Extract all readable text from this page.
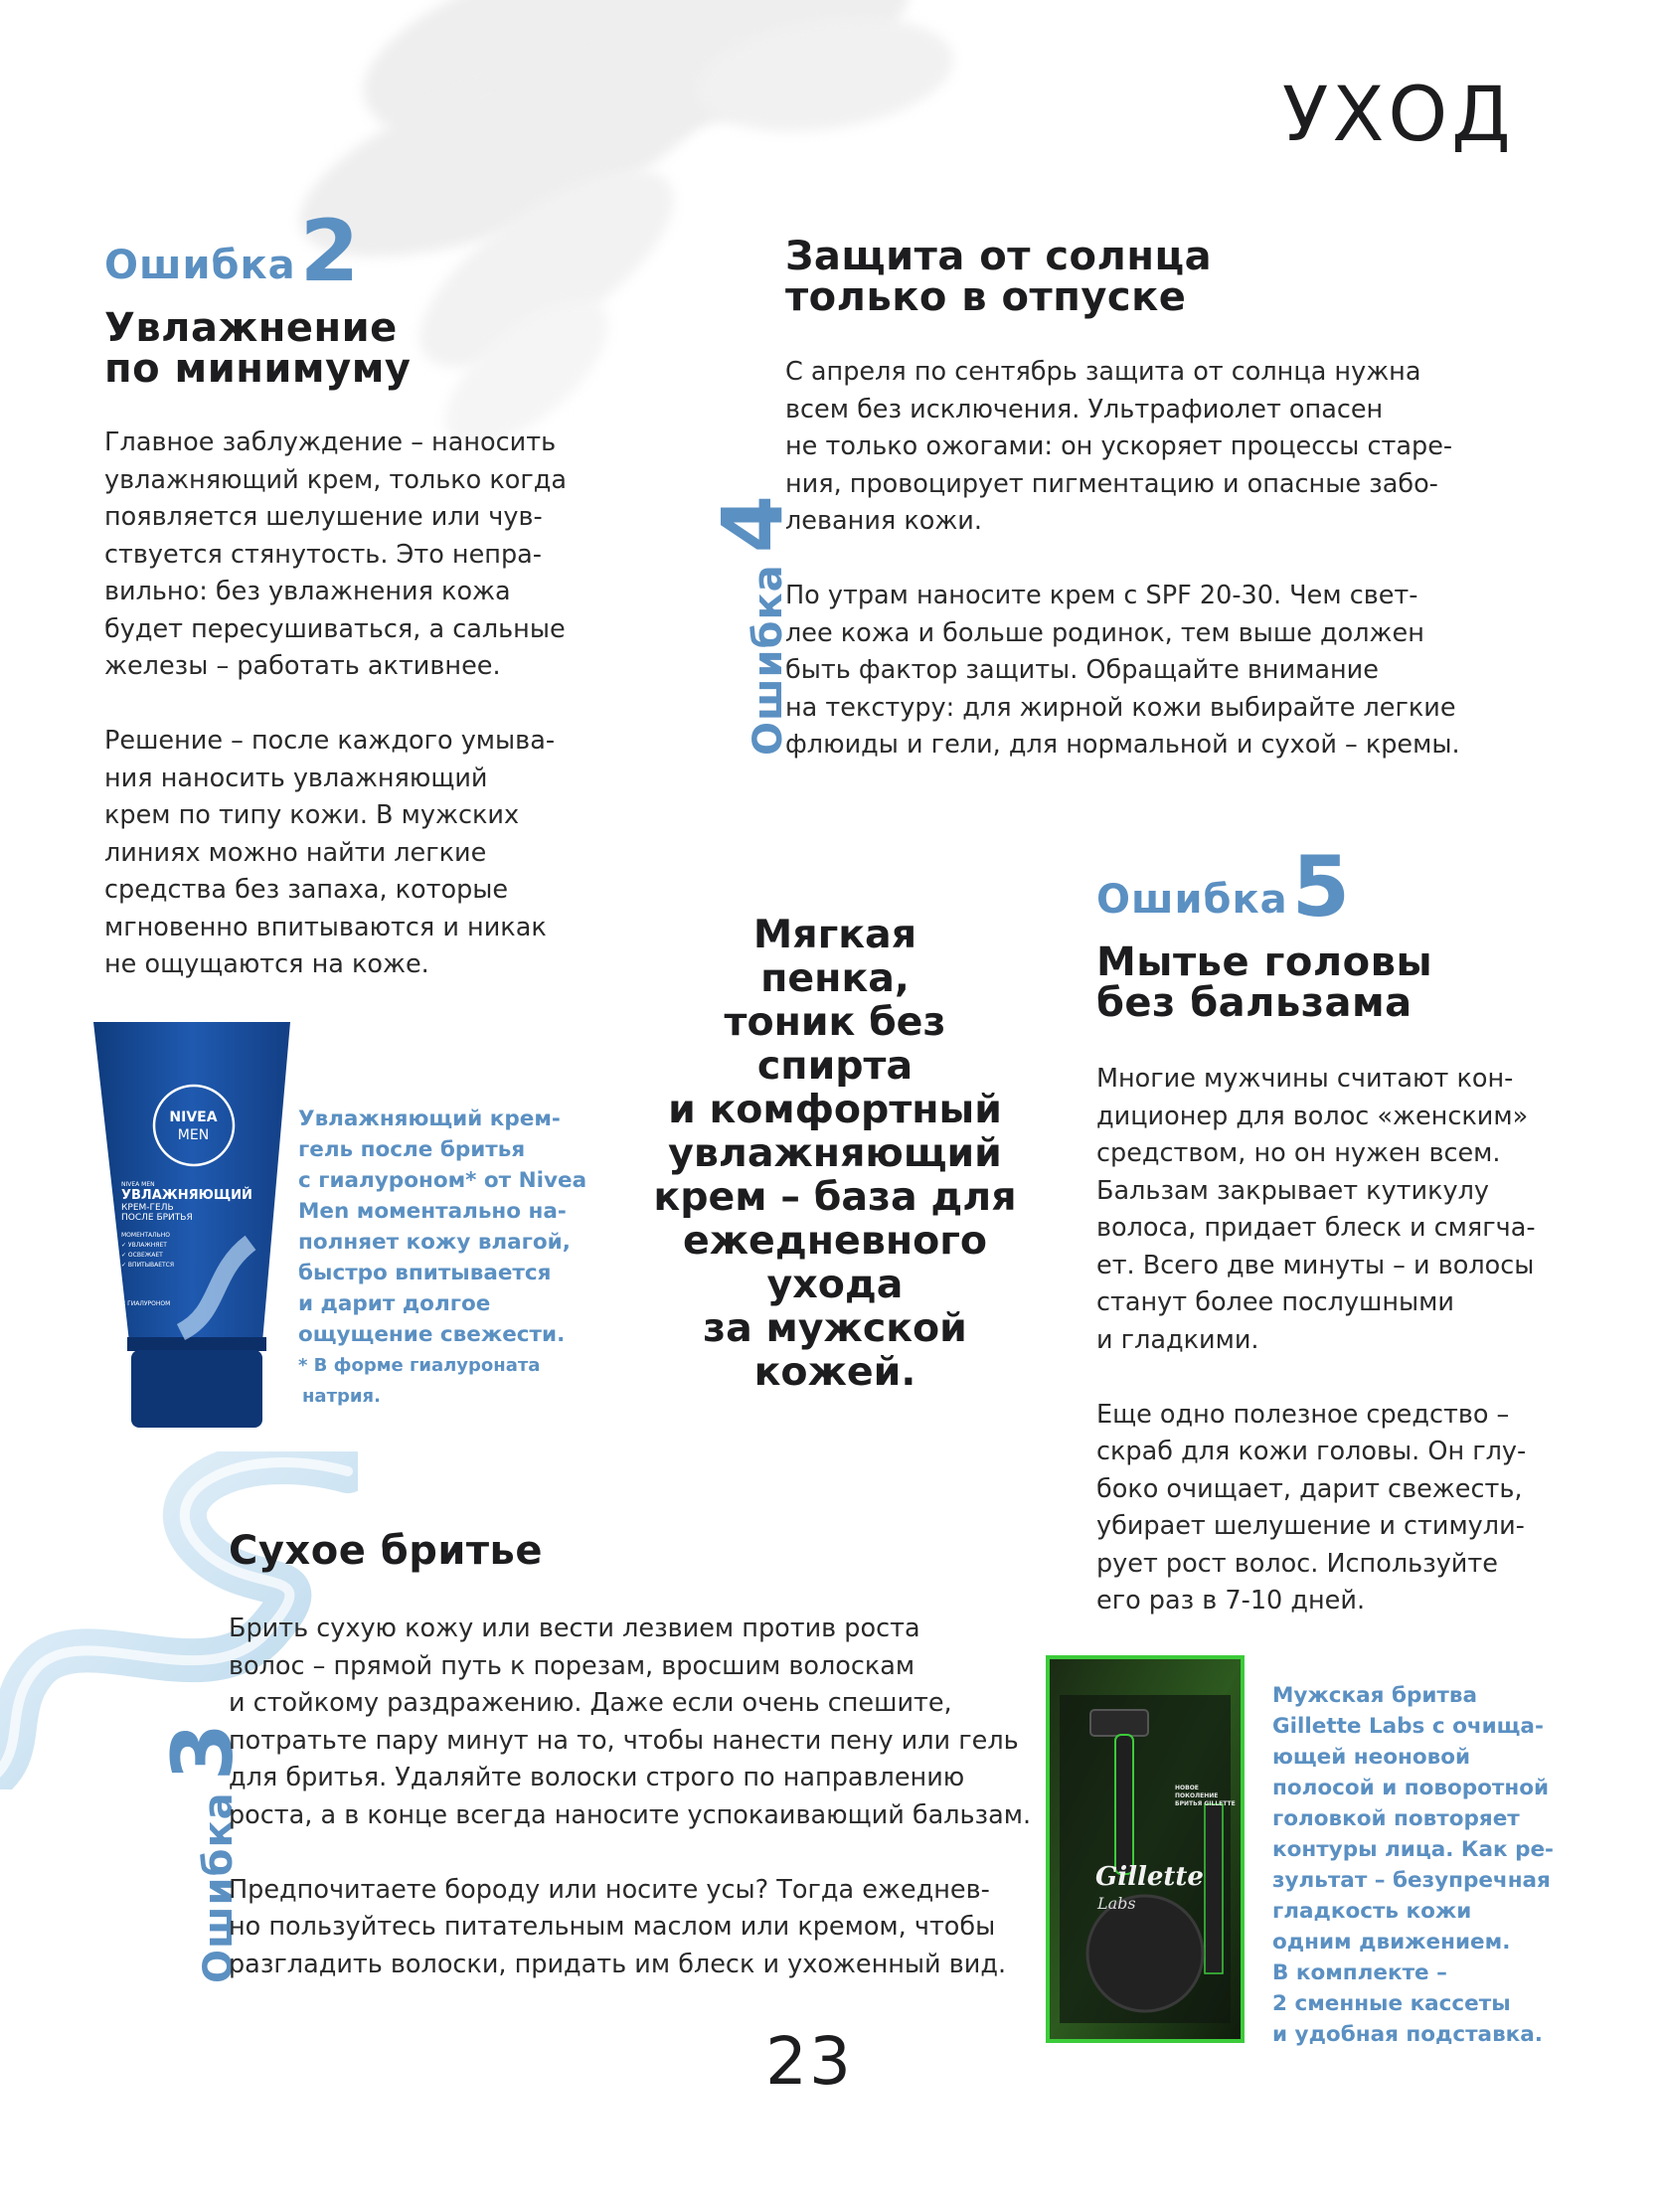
УХОД
Ошибка 2
Увлажнение
по минимуму

Главное заблуждение – наносить
увлажняющий крем, только когда
появляется шелушение или чув-
ствуется стянутость. Это непра-
вильно: без увлажнения кожа
будет пересушиваться, а сальные
железы – работать активнее.

Решение – после каждого умыва-
ния наносить увлажняющий
крем по типу кожи. В мужских
линиях можно найти легкие
средства без запаха, которые
мгновенно впитываются и никак
не ощущаются на коже.

Ошибка 4
Защита от солнца
только в отпуске

С апреля по сентябрь защита от солнца нужна
всем без исключения. Ультрафиолет опасен
не только ожогами: он ускоряет процессы старе-
ния, провоцирует пигментацию и опасные забо-
левания кожи.

По утрам наносите крем с SPF 20-30. Чем свет-
лее кожа и больше родинок, тем выше должен
быть фактор защиты. Обращайте внимание
на текстуру: для жирной кожи выбирайте легкие
флюиды и гели, для нормальной и сухой – кремы.

Мягкая
пенка,
тоник без
спирта
и комфортный
увлажняющий
крем – база для
ежедневного
ухода
за мужской
кожей.
Ошибка 5
Мытье головы
без бальзама

Многие мужчины считают кон-
диционер для волос «женским»
средством, но он нужен всем.
Бальзам закрывает кутикулу
волоса, придает блеск и смягча-
ет. Всего две минуты – и волосы
станут более послушными
и гладкими.

Еще одно полезное средство –
скраб для кожи головы. Он глу-
боко очищает, дарит свежесть,
убирает шелушение и стимули-
рует рост волос. Используйте
его раз в 7-10 дней.

NIVEA
MEN
NIVEA MEN
УВЛАЖНЯЮЩИЙ
КРЕМ-ГЕЛЬ
ПОСЛЕ БРИТЬЯ
МОМЕНТАЛЬНО
✓ УВЛАЖНЯЕТ
✓ ОСВЕЖАЕТ
✓ ВПИТЫВАЕТСЯ
С ГИАЛУРОНОМ
Увлажняющий крем-
гель после бритья
с гиалуроном* от Nivea
Men моментально на-
полняет кожу влагой,
быстро впитывается
и дарит долгое
ощущение свежести.
* В форме гиалуроната
натрия.
Ошибка 3
Сухое бритье

Брить сухую кожу или вести лезвием против роста
волос – прямой путь к порезам, вросшим волоскам
и стойкому раздражению. Даже если очень спешите,
потратьте пару минут на то, чтобы нанести пену или гель
для бритья. Удаляйте волоски строго по направлению
роста, а в конце всегда наносите успокаивающий бальзам.

Предпочитаете бороду или носите усы? Тогда ежеднев-
но пользуйтесь питательным маслом или кремом, чтобы
разгладить волоски, придать им блеск и ухоженный вид.

НОВОЕ
ПОКОЛЕНИЕ
БРИТЬЯ GILLETTE
Gillette
Labs
Мужская бритва
Gillette Labs с очища-
ющей неоновой
полосой и поворотной
головкой повторяет
контуры лица. Как ре-
зультат – безупречная
гладкость кожи
одним движением.
В комплекте –
2 сменные кассеты
и удобная подставка.
23
